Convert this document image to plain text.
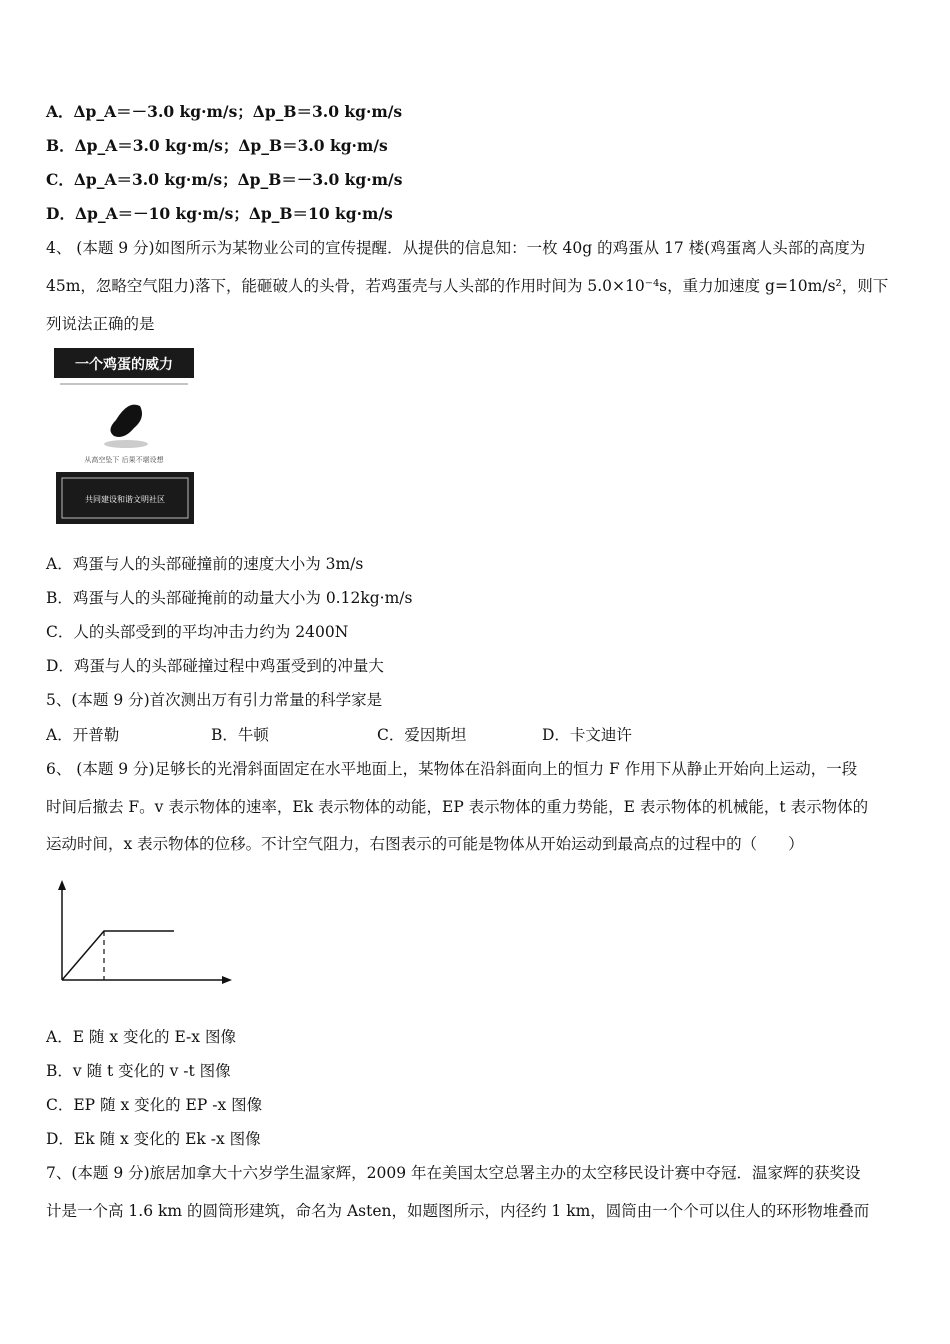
A．Δp_A＝－3.0 kg·m/s；Δp_B＝3.0 kg·m/s
B．Δp_A＝3.0 kg·m/s；Δp_B＝3.0 kg·m/s
C．Δp_A＝3.0 kg·m/s；Δp_B＝－3.0 kg·m/s
D．Δp_A＝－10 kg·m/s；Δp_B＝10 kg·m/s
4、 (本题 9 分)如图所示为某物业公司的宣传提醒．从提供的信息知：一枚 40g 的鸡蛋从 17 楼(鸡蛋离人头部的高度为
45m，忽略空气阻力)落下，能砸破人的头骨，若鸡蛋壳与人头部的作用时间为 5.0×10⁻⁴s，重力加速度 g=10m/s²，则下
列说法正确的是
一个鸡蛋的威力
从高空坠下 后果不堪设想
共同建设和谐文明社区
A．鸡蛋与人的头部碰撞前的速度大小为 3m/s
B．鸡蛋与人的头部碰掩前的动量大小为 0.12kg·m/s
C．人的头部受到的平均冲击力约为 2400N
D．鸡蛋与人的头部碰撞过程中鸡蛋受到的冲量大
5、(本题 9 分)首次测出万有引力常量的科学家是
A．开普勒	B．牛顿	C．爱因斯坦	D．卡文迪许
6、 (本题 9 分)足够长的光滑斜面固定在水平地面上，某物体在沿斜面向上的恒力 F 作用下从静止开始向上运动，一段
时间后撤去 F。v 表示物体的速率，Ek 表示物体的动能，EP 表示物体的重力势能，E 表示物体的机械能，t 表示物体的
运动时间，x 表示物体的位移。不计空气阻力，右图表示的可能是物体从开始运动到最高点的过程中的（　　）
A．E 随 x 变化的 E-x 图像
B．v 随 t 变化的 v -t 图像
C．EP 随 x 变化的 EP -x 图像
D．Ek 随 x 变化的 Ek -x 图像
7、(本题 9 分)旅居加拿大十六岁学生温家辉，2009 年在美国太空总署主办的太空移民设计赛中夺冠．温家辉的获奖设
计是一个高 1.6 km 的圆筒形建筑，命名为 Asten，如题图所示，内径约 1 km，圆筒由一个个可以住人的环形物堆叠而
